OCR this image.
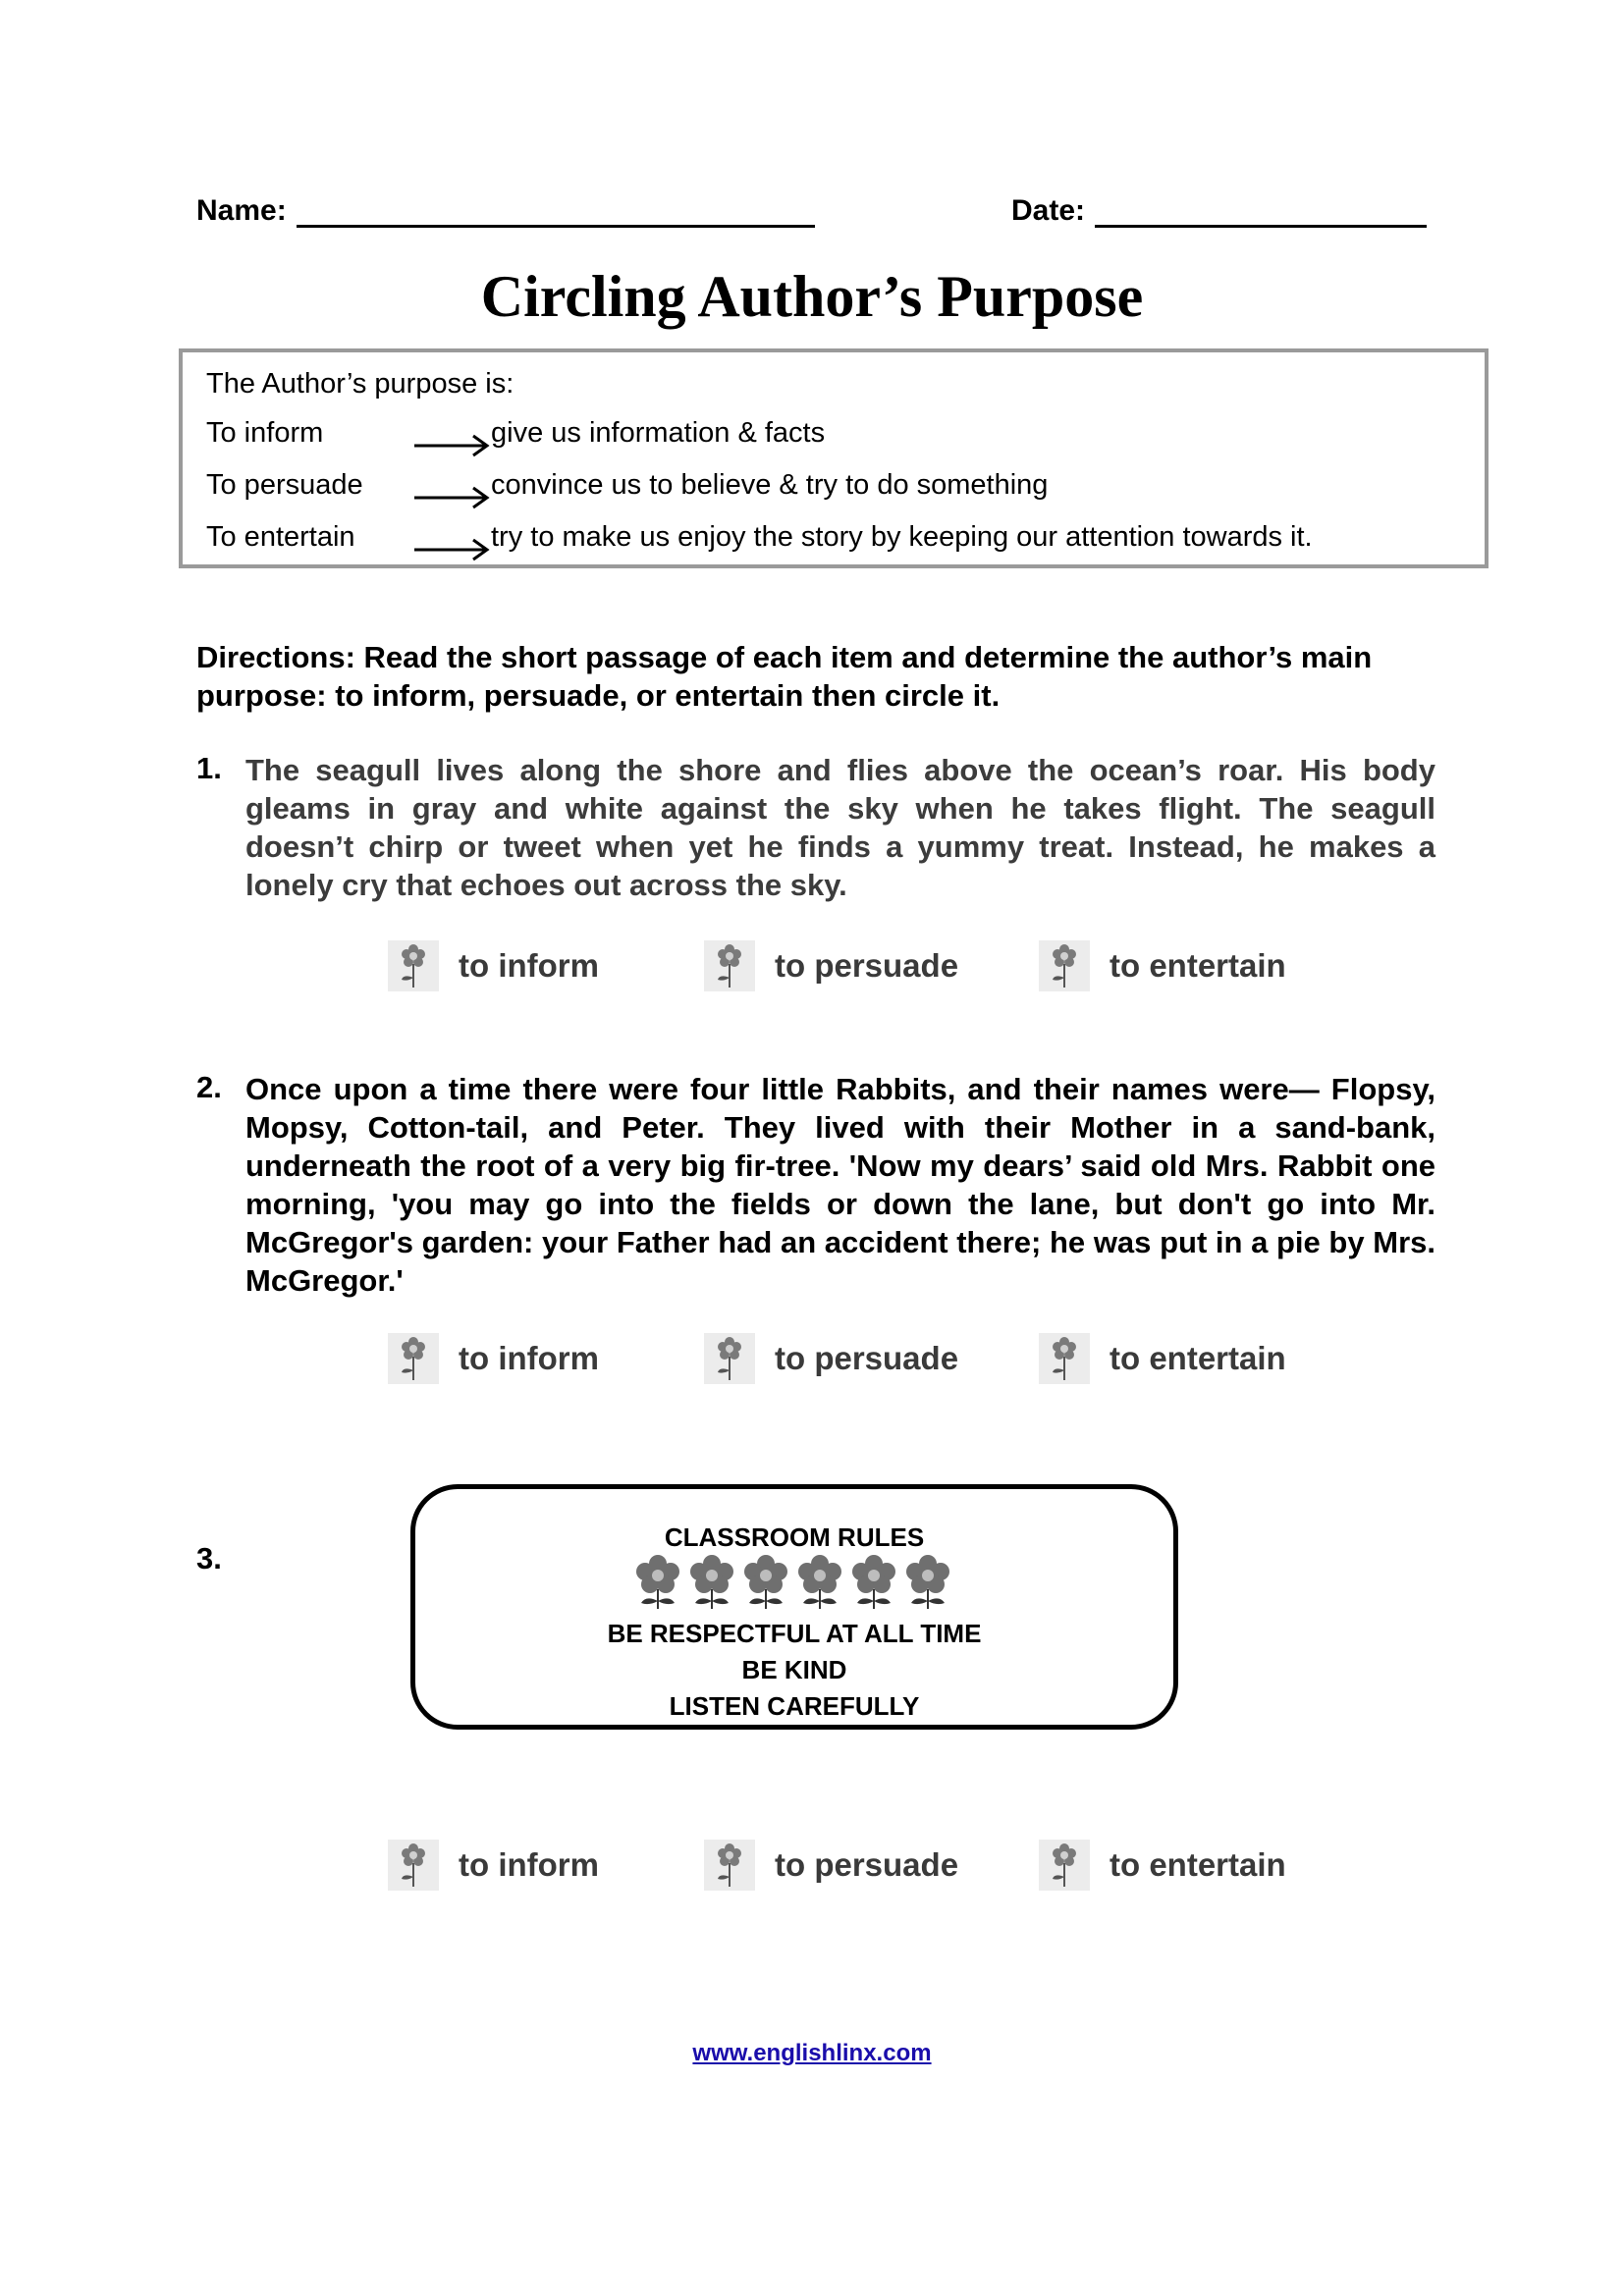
Name:	Date:
Circling Author’s Purpose
The Author’s purpose is:
To inform	give us information & facts
To persuade	convince us to believe & try to do something
To entertain	try to make us enjoy the story by keeping our attention towards it.
Directions: Read the short passage of each item and determine the author’s main purpose: to inform, persuade, or entertain then circle it.
1. The seagull lives along the shore and flies above the ocean’s roar. His body gleams in gray and white against the sky when he takes flight. The seagull doesn’t chirp or tweet when yet he finds a yummy treat. Instead, he makes a lonely cry that echoes out across the sky.
to inform	to persuade	to entertain
2. Once upon a time there were four little Rabbits, and their names were— Flopsy, Mopsy, Cotton-tail, and Peter. They lived with their Mother in a sand-bank, underneath the root of a very big fir-tree. 'Now my dears’ said old Mrs. Rabbit one morning, 'you may go into the fields or down the lane, but don't go into Mr. McGregor's garden: your Father had an accident there; he was put in a pie by Mrs. McGregor.'
to inform	to persuade	to entertain
3.
CLASSROOM RULES
BE RESPECTFUL AT ALL TIME
BE KIND
LISTEN CAREFULLY
to inform	to persuade	to entertain
www.englishlinx.com
